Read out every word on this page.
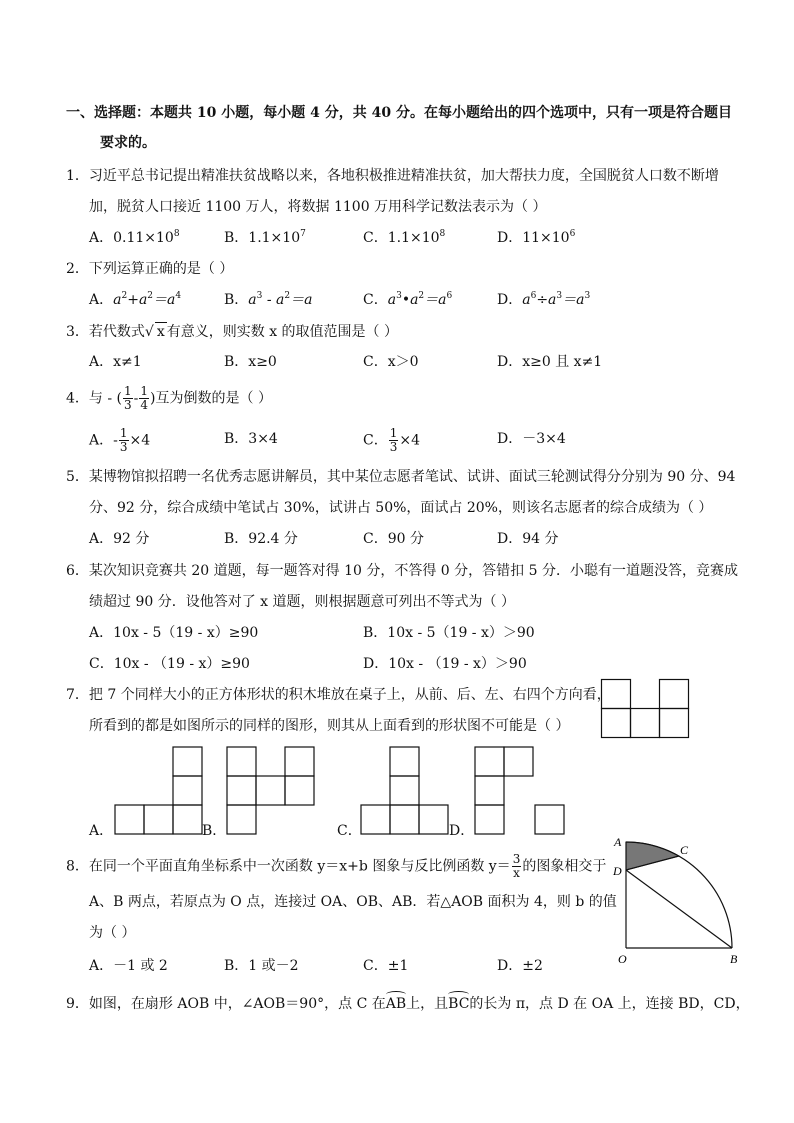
一、选择题：本题共 10 小题，每小题 4 分，共 40 分。在每小题给出的四个选项中，只有一项是符合题目
要求的。
1．习近平总书记提出精准扶贫战略以来，各地积极推进精准扶贫，加大帮扶力度，全国脱贫人口数不断增
加，脱贫人口接近 1100 万人，将数据 1100 万用科学记数法表示为（ ）
A．$0.11\times 10^8$	B．$1.1\times 10^7$	C．$1.1\times 10^8$	D．$11\times 10^6$
2．下列运算正确的是（ ）
A．$a^2+a^2=a^4$	B．$a^3 - a^2=a$	C．$a^3•a^2=a^6$	D．$a^6\div a^3=a^3$
3．若代数式√ x 有意义，则实数 x 的取值范围是（ ）
A．x≠1	B．x≥0	C．x＞0	D．x≥0 且 x≠1
4．与 - ( $\frac{1}{3} - \frac{1}{4}$ )互为倒数的是（ ）
A．- $\frac{1}{3} \times 4$	B．3×4	C． $\frac{1}{3} \times 4$	D．－3×4
5．某博物馆拟招聘一名优秀志愿讲解员，其中某位志愿者笔试、试讲、面试三轮测试得分分别为 90 分、94
分、92 分，综合成绩中笔试占 30%，试讲占 50%，面试占 20%，则该名志愿者的综合成绩为（ ）
A．92 分	B．92.4 分	C．90 分	D．94 分
6．某次知识竞赛共 20 道题，每一题答对得 10 分，不答得 0 分，答错扣 5 分．小聪有一道题没答，竞赛成
绩超过 90 分．设他答对了 x 道题，则根据题意可列出不等式为（ ）
A．10x - 5（19 - x）≥90	B．10x - 5（19 - x）＞90
C．10x - （19 - x）≥90	D．10x - （19 - x）＞90
7．把 7 个同样大小的正方体形状的积木堆放在桌子上，从前、后、左、右四个方向看，
所看到的都是如图所示的同样的图形，则其从上面看到的形状图不可能是（ ）
A．	B．	C．	D．
8．在同一个平面直角坐标系中一次函数 y＝x+b 图象与反比例函数 $y= \frac{3}{x}$ 的图象相交于
A、B 两点，若原点为 O 点，连接过 OA、OB、AB．若△AOB 面积为 4，则 b 的值
为（ ）
A．－1 或 2	B．1 或－2	C．±1	D．±2
A
C
D
O	B
9．如图，在扇形 AOB 中，∠AOB＝90°，点 C 在AB上，且BC的长为 π，点 D 在 OA 上，连接 BD，CD，
